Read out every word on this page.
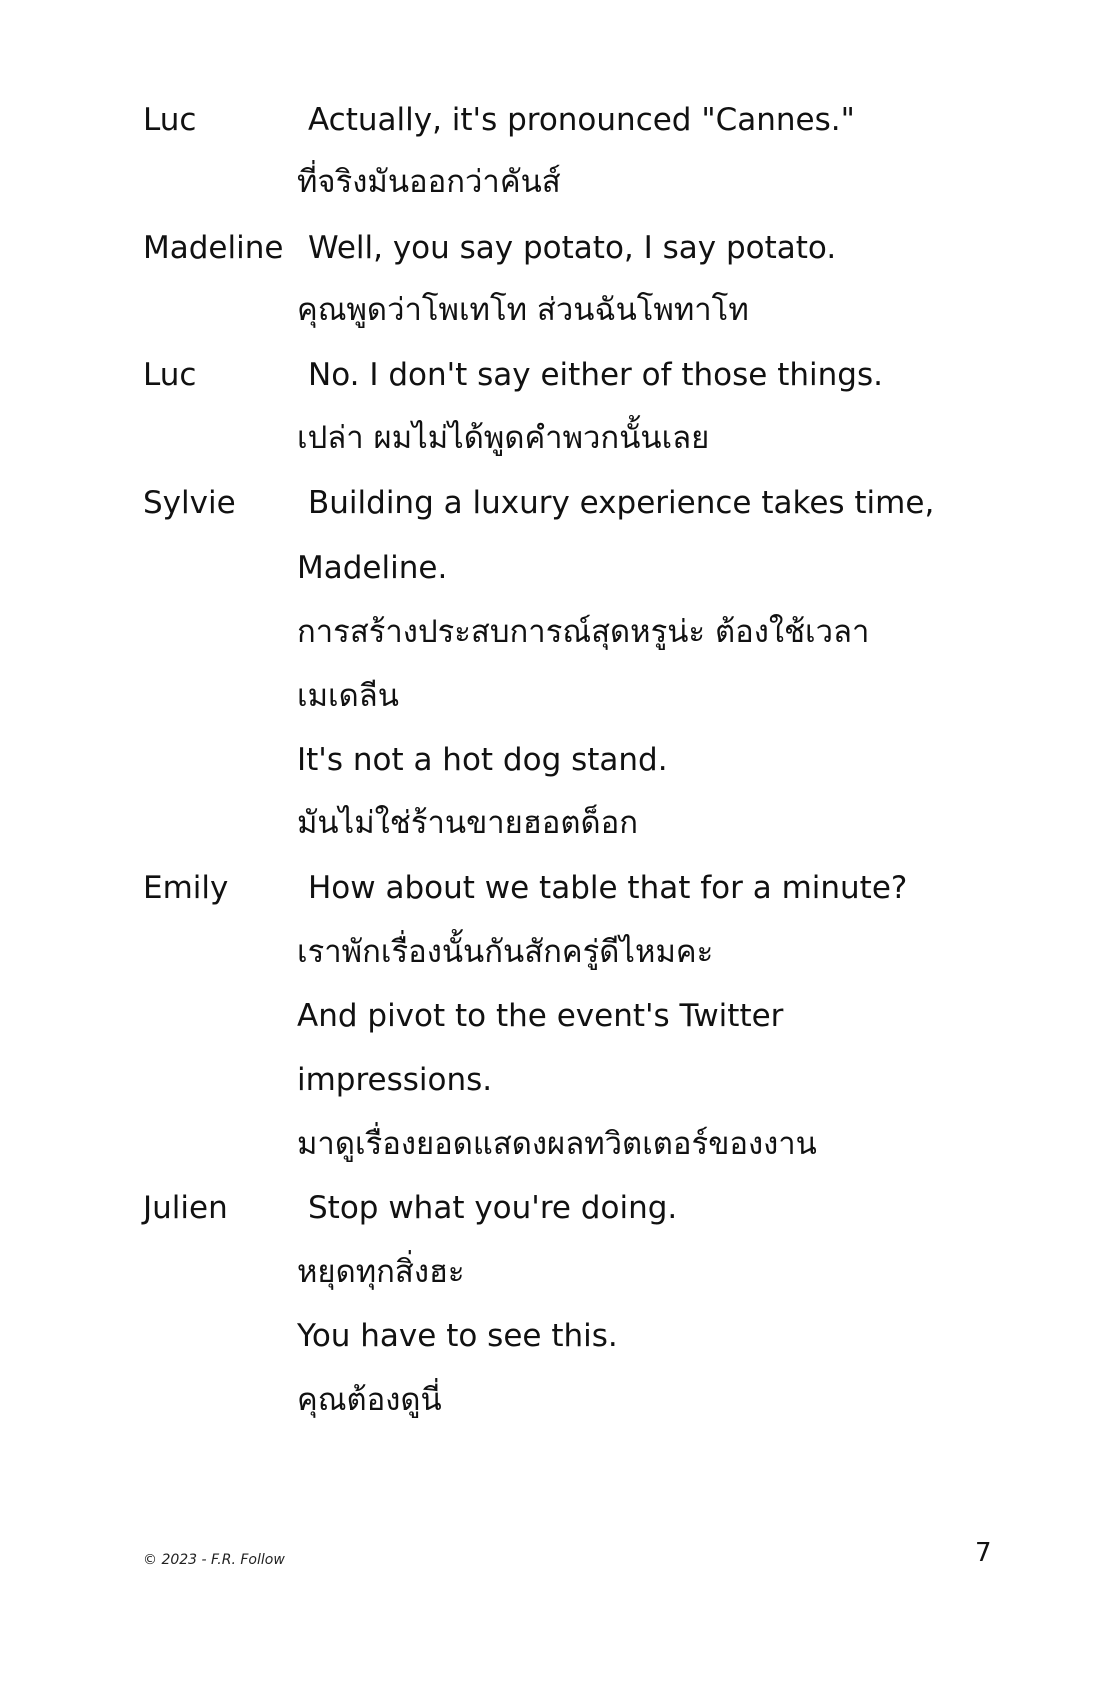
Luc	Actually, it's pronounced "Cannes."
ที่จริงมันออกว่าคันส์
Madeline Well, you say potato, I say potato.
คุณพูดว่าโพเทโท ส่วนฉันโพทาโท
Luc	No. I don't say either of those things.
เปล่า ผมไม่ได้พูดคำพวกนั้นเลย
Sylvie Building a luxury experience takes time,
Madeline.
การสร้างประสบการณ์สุดหรูน่ะ ต้องใช้เวลา
เมเดลีน
It's not a hot dog stand.
มันไม่ใช่ร้านขายฮอตด็อก
Emily	How about we table that for a minute?
เราพักเรื่องนั้นกันสักครู่ดีไหมคะ
And pivot to the event's Twitter
impressions.
มาดูเรื่องยอดแสดงผลทวิตเตอร์ของงาน
Julien	Stop what you're doing.
หยุดทุกสิ่งฮะ
You have to see this.
คุณต้องดูนี่
© 2023 - F.R. Follow	7
